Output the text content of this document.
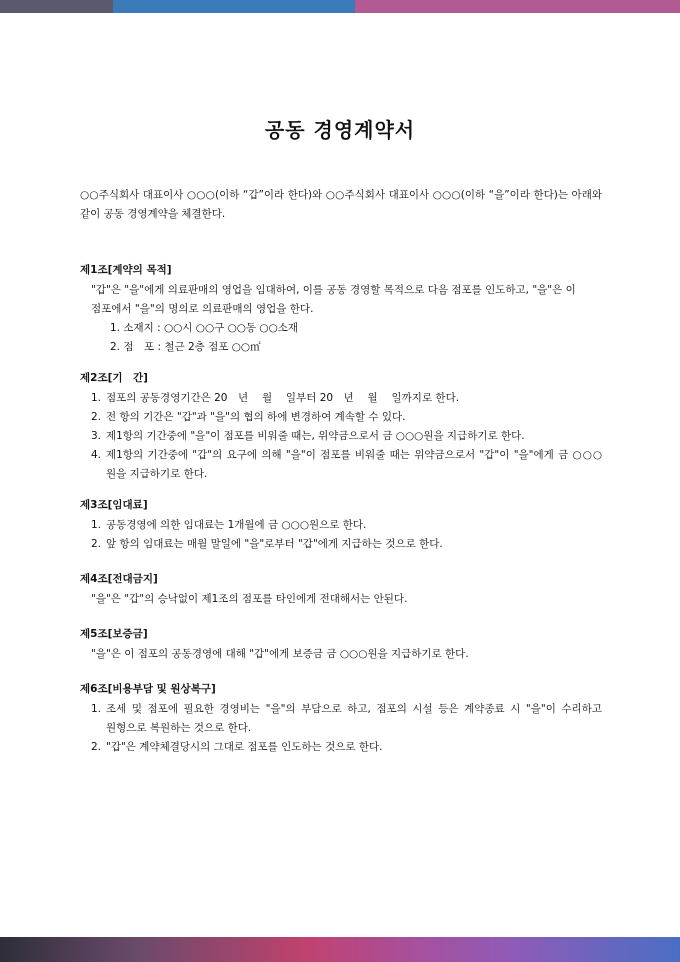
공동 경영계약서
○○주식회사 대표이사 ○○○(이하 “갑”이라 한다)와 ○○주식회사 대표이사 ○○○(이하 “을”이라 한다)는 아래와 같이 공동 경영계약을 체결한다.
제1조[계약의 목적]
"갑"은 "을"에게 의료판매의 영업을 임대하여, 이를 공동 경영할 목적으로 다음 점포를 인도하고, "을"은 이 점포에서 "을"의 명의로 의료판매의 영업을 한다.
1. 소재지 : ○○시 ○○구 ○○동 ○○소재
2. 점　포 : 철근 2층 점포 ○○㎡
제2조[기　간]
1. 점포의 공동경영기간은 20　년　 월　 일부터 20　년　 월　 일까지로 한다.
2. 전 항의 기간은 "갑"과 "을"의 협의 하에 변경하여 계속할 수 있다.
3. 제1항의 기간중에 "을"이 점포를 비워줄 때는, 위약금으로서 금 ○○○원을 지급하기로 한다.
4. 제1항의 기간중에 "갑"의 요구에 의해 "을"이 점포를 비워줄 때는 위약금으로서 "갑"이 "을"에게 금 ○○○원을 지급하기로 한다.
제3조[임대료]
1. 공동경영에 의한 임대료는 1개월에 금 ○○○원으로 한다.
2. 앞 항의 임대료는 매월 말일에 "을"로부터 "갑"에게 지급하는 것으로 한다.
제4조[전대금지]
"을"은 "갑"의 승낙없이 제1조의 점포를 타인에게 전대해서는 안된다.
제5조[보증금]
"을"은 이 점포의 공동경영에 대해 "갑"에게 보증금 금 ○○○원을 지급하기로 한다.
제6조[비용부담 및 원상복구]
1. 조세 및 점포에 필요한 경영비는 "을"의 부담으로 하고, 점포의 시설 등은 계약종료 시 "을"이 수리하고 원형으로 복원하는 것으로 한다.
2. "갑"은 계약체결당시의 그대로 점포를 인도하는 것으로 한다.
